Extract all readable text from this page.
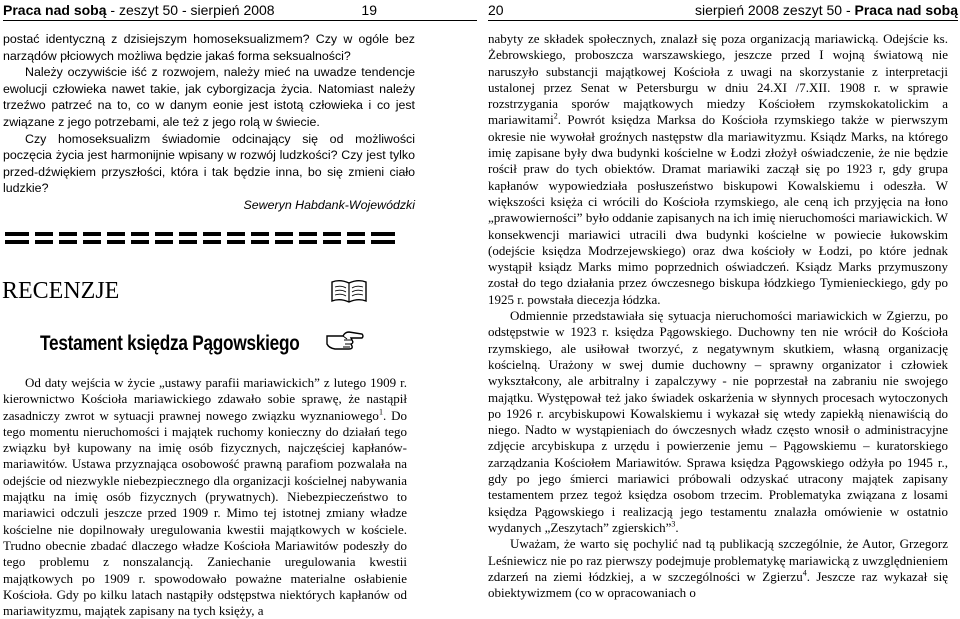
Praca nad sobą - zeszyt 50 - sierpień 2008	19

postać identyczną z dzisiejszym homoseksualizmem? Czy w ogóle bez narządów płciowych możliwa będzie jakaś forma seksualności?

Należy oczywiście iść z rozwojem, należy mieć na uwadze tendencje ewolucji człowieka nawet takie, jak cyborgizacja życia. Natomiast należy trzeźwo patrzeć na to, co w danym eonie jest istotą człowieka i co jest związane z jego potrzebami, ale też z jego rolą w świecie.

Czy homoseksualizm świadomie odcinający się od możliwości poczęcia życia jest harmonijnie wpisany w rozwój ludzkości? Czy jest tylko przed-dźwiękiem przyszłości, która i tak będzie inna, bo się zmieni ciało ludzkie?

Seweryn Habdank-Wojewódzki

RECENZJE
Testament księdza Pągowskiego

Od daty wejścia w życie „ustawy parafii mariawickich” z lutego 1909 r. kierownictwo Kościoła mariawickiego zdawało sobie sprawę, że nastąpił zasadniczy zwrot w sytuacji prawnej nowego związku wyznaniowego$^1$. Do tego momentu nieruchomości i majątek ruchomy konieczny do działań tego związku był kupowany na imię osób fizycznych, najczęściej kapłanów-mariawitów. Ustawa przyznająca osobowość prawną parafiom pozwalała na odejście od niezwykle niebezpiecznego dla organizacji kościelnej nabywania majątku na imię osób fizycznych (prywatnych). Niebezpieczeństwo to mariawici odczuli jeszcze przed 1909 r. Mimo tej istotnej zmiany władze kościelne nie dopilnowały uregulowania kwestii majątkowych w kościele. Trudno obecnie zbadać dlaczego władze Kościoła Mariawitów podeszły do tego problemu z nonszalancją. Zaniechanie uregulowania kwestii majątkowych po 1909 r. spowodowało poważne materialne osłabienie Kościoła. Gdy po kilku latach nastąpiły odstępstwa niektórych kapłanów od mariawityzmu, majątek zapisany na tych księży, a

20	sierpień 2008 zeszyt 50 - Praca nad sobą

nabyty ze składek społecznych, znalazł się poza organizacją mariawicką. Odejście ks. Żebrowskiego, proboszcza warszawskiego, jeszcze przed I wojną światową nie naruszyło substancji majątkowej Kościoła z uwagi na skorzystanie z interpretacji ustalonej przez Senat w Petersburgu w dniu 24.XI /7.XII. 1908 r. w sprawie rozstrzygania sporów majątkowych miedzy Kościołem rzymskokatolickim a mariawitami$^2$. Powrót księdza Marksa do Kościoła rzymskiego także w pierwszym okresie nie wywołał groźnych następstw dla mariawityzmu. Ksiądz Marks, na którego imię zapisane były dwa budynki kościelne w Łodzi złożył oświadczenie, że nie będzie rościł praw do tych obiektów. Dramat mariawiki zaczął się po 1923 r, gdy grupa kapłanów wypowiedziała posłuszeństwo biskupowi Kowalskiemu i odeszła. W większości księża ci wrócili do Kościoła rzymskiego, ale ceną ich przyjęcia na łono „prawowierności” było oddanie zapisanych na ich imię nieruchomości mariawickich. W konsekwencji mariawici utracili dwa budynki kościelne w powiecie łukowskim (odejście księdza Modrzejewskiego) oraz dwa kościoły w Łodzi, po które jednak wystąpił ksiądz Marks mimo poprzednich oświadczeń. Ksiądz Marks przymuszony został do tego działania przez ówczesnego biskupa łódzkiego Tymienieckiego, gdy po 1925 r. powstała diecezja łódzka.

Odmiennie przedstawiała się sytuacja nieruchomości mariawickich w Zgierzu, po odstępstwie w 1923 r. księdza Pągowskiego. Duchowny ten nie wrócił do Kościoła rzymskiego, ale usiłował tworzyć, z negatywnym skutkiem, własną organizację kościelną. Urażony w swej dumie duchowny – sprawny organizator i człowiek wykształcony, ale arbitralny i zapalczywy - nie poprzestał na zabraniu nie swojego majątku. Występował też jako świadek oskarżenia w słynnych procesach wytoczonych po 1926 r. arcybiskupowi Kowalskiemu i wykazał się wtedy zapiekłą nienawiścią do niego. Nadto w wystąpieniach do ówczesnych władz często wnosił o administracyjne zdjęcie arcybiskupa z urzędu i powierzenie jemu – Pągowskiemu – kuratorskiego zarządzania Kościołem Mariawitów. Sprawa księdza Pągowskiego odżyła po 1945 r., gdy po jego śmierci mariawici próbowali odzyskać utracony majątek zapisany testamentem przez tegoż księdza osobom trzecim. Problematyka związana z losami księdza Pągowskiego i realizacją jego testamentu znalazła omówienie w ostatnio wydanych „Zeszytach” zgierskich”$^3$.

Uważam, że warto się pochylić nad tą publikacją szczególnie, że Autor, Grzegorz Leśniewicz nie po raz pierwszy podejmuje problematykę mariawicką z uwzględnieniem zdarzeń na ziemi łódzkiej, a w szczególności w Zgierzu$^4$. Jeszcze raz wykazał się obiektywizmem (co w opracowaniach o
